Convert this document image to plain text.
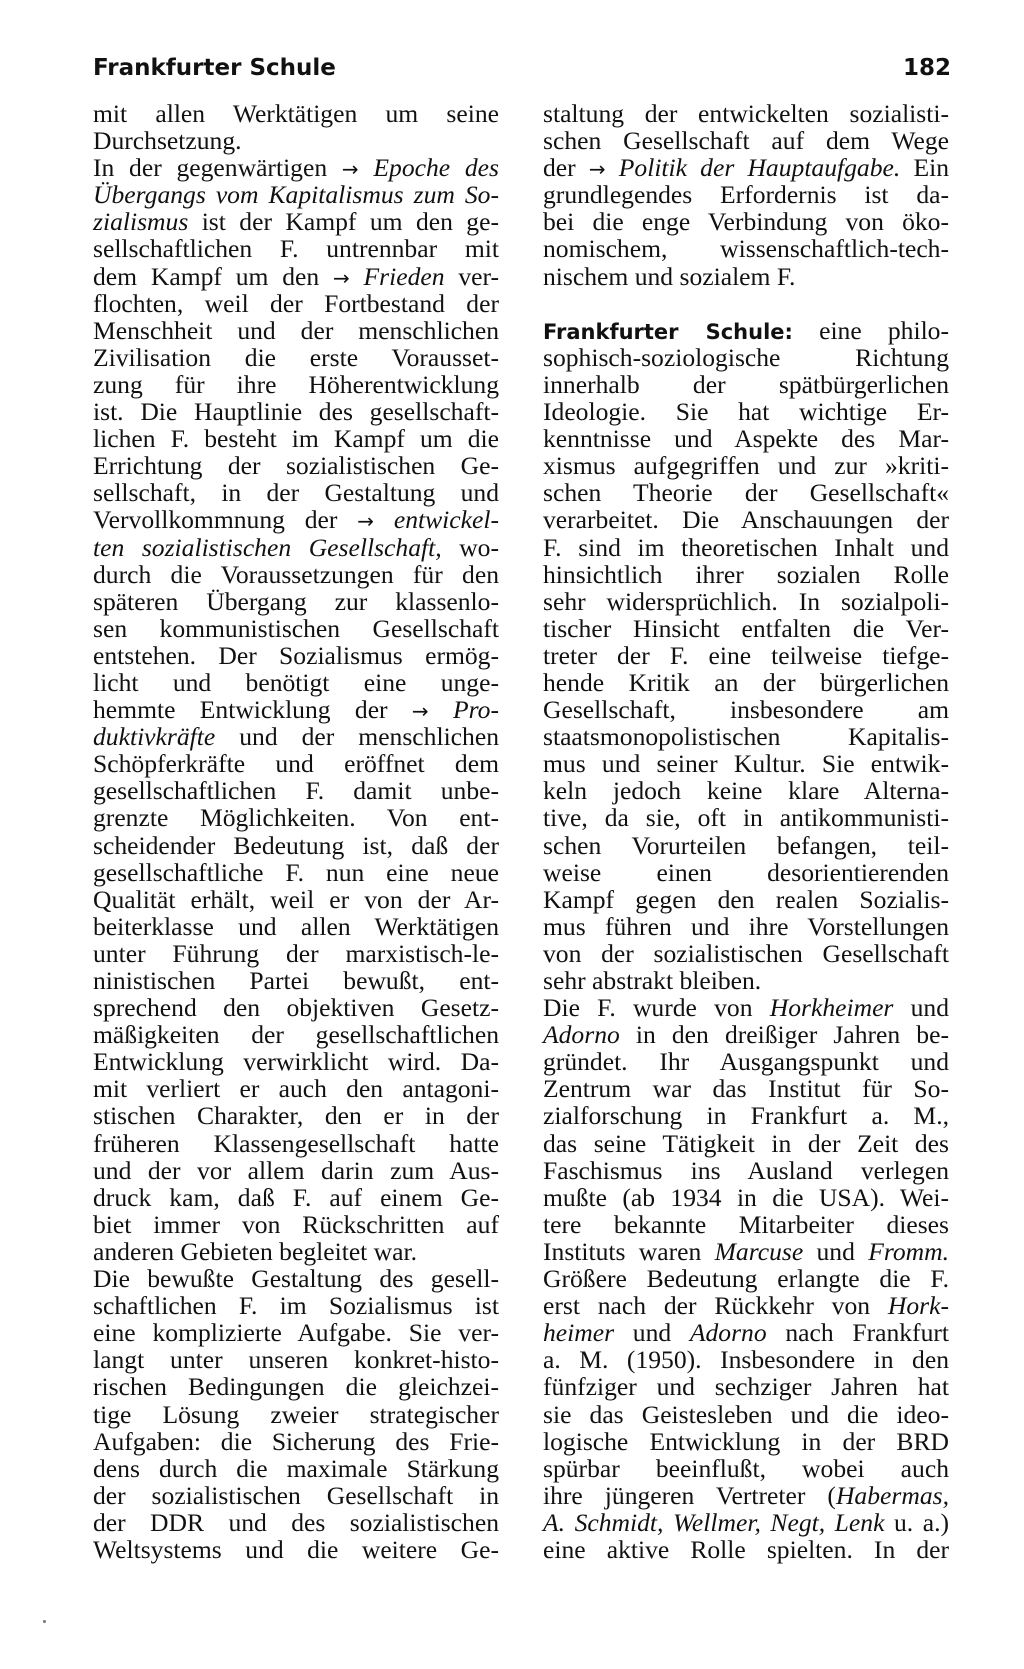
Frankfurter Schule	182
mit allen Werktätigen um seine
Durchsetzung.
In der gegenwärtigen → Epoche des
Übergangs vom Kapitalismus zum So-
zialismus ist der Kampf um den ge-
sellschaftlichen F. untrennbar mit
dem Kampf um den → Frieden ver-
flochten, weil der Fortbestand der
Menschheit und der menschlichen
Zivilisation die erste Vorausset-
zung für ihre Höherentwicklung
ist. Die Hauptlinie des gesellschaft-
lichen F. besteht im Kampf um die
Errichtung der sozialistischen Ge-
sellschaft, in der Gestaltung und
Vervollkommnung der → entwickel-
ten sozialistischen Gesellschaft, wo-
durch die Voraussetzungen für den
späteren Übergang zur klassenlo-
sen kommunistischen Gesellschaft
entstehen. Der Sozialismus ermög-
licht und benötigt eine unge-
hemmte Entwicklung der → Pro-
duktivkräfte und der menschlichen
Schöpferkräfte und eröffnet dem
gesellschaftlichen F. damit unbe-
grenzte Möglichkeiten. Von ent-
scheidender Bedeutung ist, daß der
gesellschaftliche F. nun eine neue
Qualität erhält, weil er von der Ar-
beiterklasse und allen Werktätigen
unter Führung der marxistisch-le-
ninistischen Partei bewußt, ent-
sprechend den objektiven Gesetz-
mäßigkeiten der gesellschaftlichen
Entwicklung verwirklicht wird. Da-
mit verliert er auch den antagoni-
stischen Charakter, den er in der
früheren Klassengesellschaft hatte
und der vor allem darin zum Aus-
druck kam, daß F. auf einem Ge-
biet immer von Rückschritten auf
anderen Gebieten begleitet war.
Die bewußte Gestaltung des gesell-
schaftlichen F. im Sozialismus ist
eine komplizierte Aufgabe. Sie ver-
langt unter unseren konkret-histo-
rischen Bedingungen die gleichzei-
tige Lösung zweier strategischer
Aufgaben: die Sicherung des Frie-
dens durch die maximale Stärkung
der sozialistischen Gesellschaft in
der DDR und des sozialistischen
Weltsystems und die weitere Ge-
staltung der entwickelten sozialisti-
schen Gesellschaft auf dem Wege
der → Politik der Hauptaufgabe. Ein
grundlegendes Erfordernis ist da-
bei die enge Verbindung von öko-
nomischem, wissenschaftlich-tech-
nischem und sozialem F.
Frankfurter Schule: eine philo-
sophisch-soziologische Richtung
innerhalb der spätbürgerlichen
Ideologie. Sie hat wichtige Er-
kenntnisse und Aspekte des Mar-
xismus aufgegriffen und zur »kriti-
schen Theorie der Gesellschaft«
verarbeitet. Die Anschauungen der
F. sind im theoretischen Inhalt und
hinsichtlich ihrer sozialen Rolle
sehr widersprüchlich. In sozialpoli-
tischer Hinsicht entfalten die Ver-
treter der F. eine teilweise tiefge-
hende Kritik an der bürgerlichen
Gesellschaft, insbesondere am
staatsmonopolistischen Kapitalis-
mus und seiner Kultur. Sie entwik-
keln jedoch keine klare Alterna-
tive, da sie, oft in antikommunisti-
schen Vorurteilen befangen, teil-
weise einen desorientierenden
Kampf gegen den realen Sozialis-
mus führen und ihre Vorstellungen
von der sozialistischen Gesellschaft
sehr abstrakt bleiben.
Die F. wurde von Horkheimer und
Adorno in den dreißiger Jahren be-
gründet. Ihr Ausgangspunkt und
Zentrum war das Institut für So-
zialforschung in Frankfurt a. M.,
das seine Tätigkeit in der Zeit des
Faschismus ins Ausland verlegen
mußte (ab 1934 in die USA). Wei-
tere bekannte Mitarbeiter dieses
Instituts waren Marcuse und Fromm.
Größere Bedeutung erlangte die F.
erst nach der Rückkehr von Hork-
heimer und Adorno nach Frankfurt
a. M. (1950). Insbesondere in den
fünfziger und sechziger Jahren hat
sie das Geistesleben und die ideo-
logische Entwicklung in der BRD
spürbar beeinflußt, wobei auch
ihre jüngeren Vertreter (Habermas,
A. Schmidt, Wellmer, Negt, Lenk u. a.)
eine aktive Rolle spielten. In der
